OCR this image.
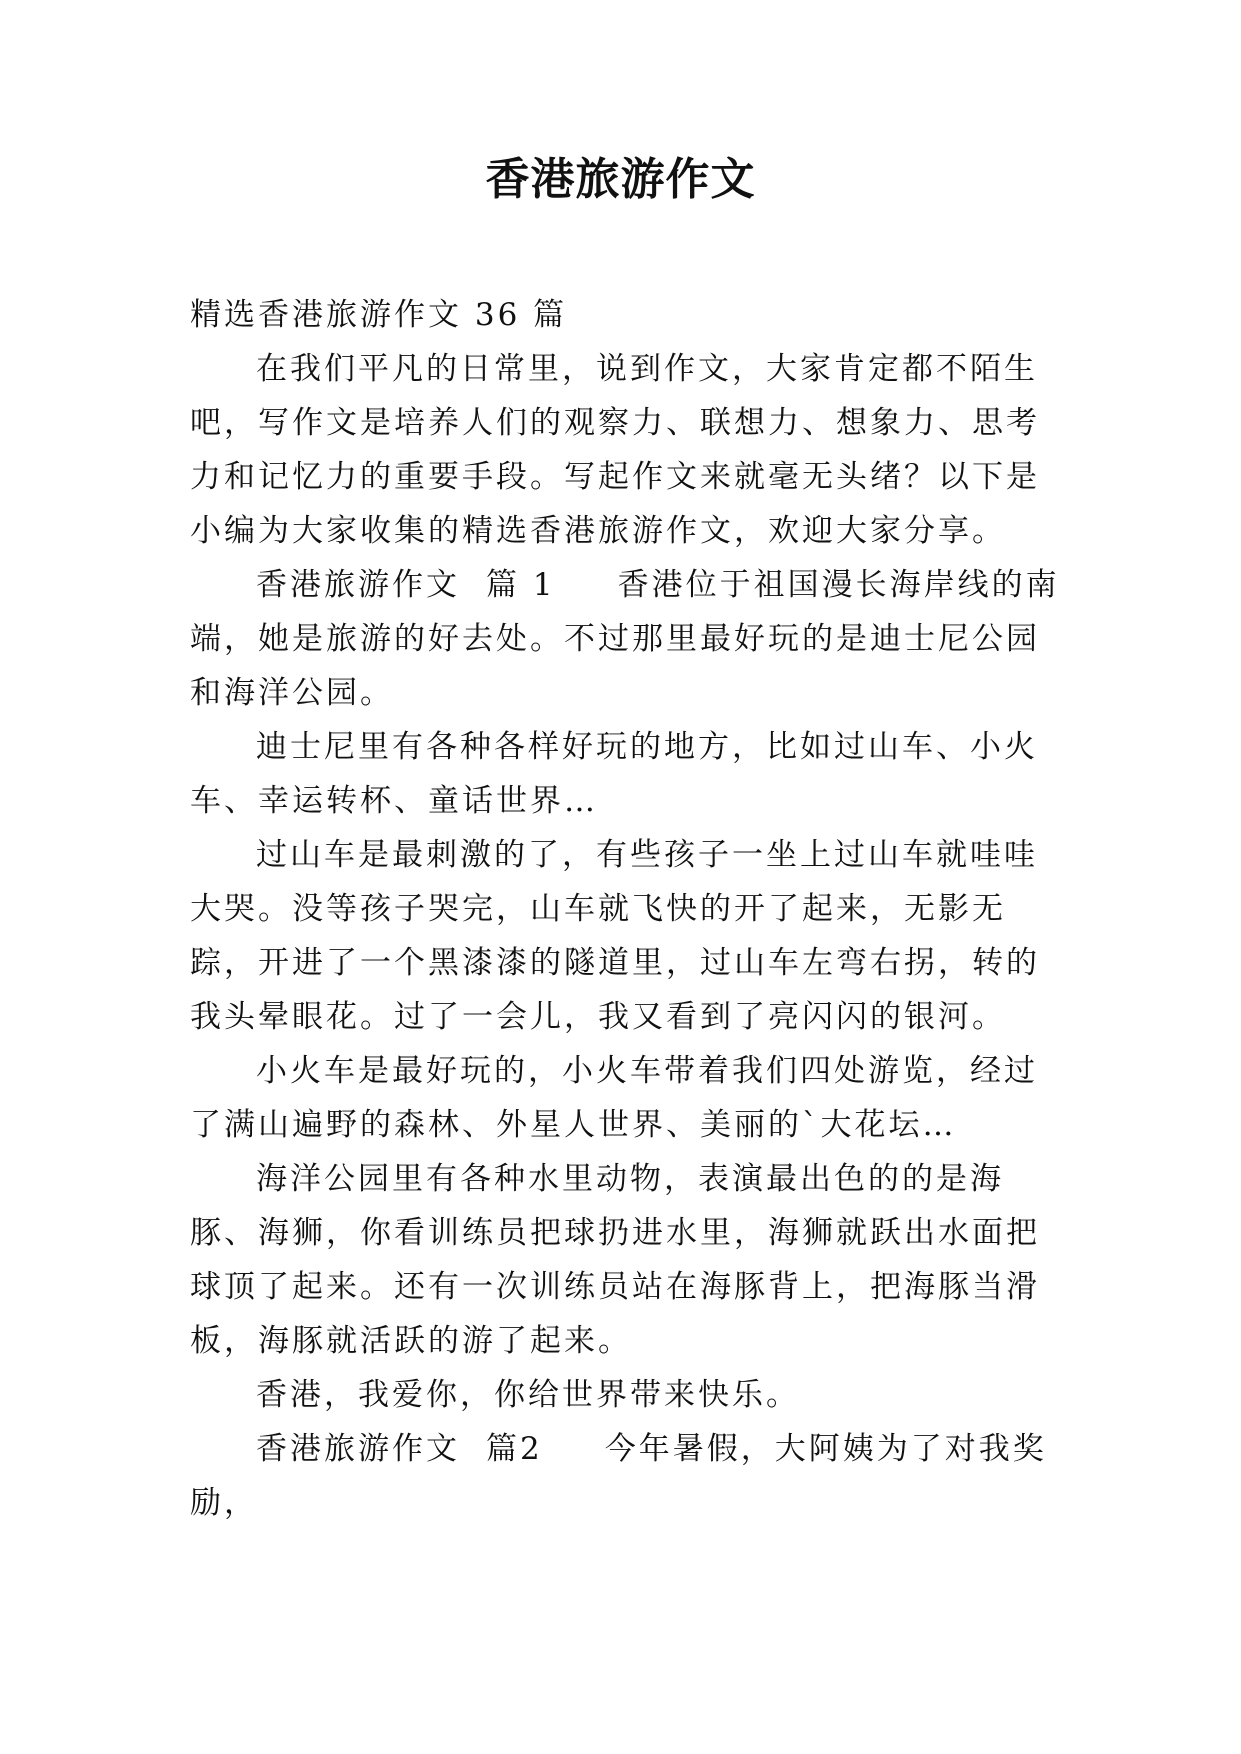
香港旅游作文

精选香港旅游作文 36 篇

在我们平凡的日常里，说到作文，大家肯定都不陌生吧，写作文是培养人们的观察力、联想力、想象力、思考力和记忆力的重要手段。写起作文来就毫无头绪？以下是小编为大家收集的精选香港旅游作文，欢迎大家分享。

香港旅游作文 篇 1 香港位于祖国漫长海岸线的南端，她是旅游的好去处。不过那里最好玩的是迪士尼公园和海洋公园。

迪士尼里有各种各样好玩的地方，比如过山车、小火车、幸运转杯、童话世界…

过山车是最刺激的了，有些孩子一坐上过山车就哇哇大哭。没等孩子哭完，山车就飞快的开了起来，无影无踪，开进了一个黑漆漆的隧道里，过山车左弯右拐，转的我头晕眼花。过了一会儿，我又看到了亮闪闪的银河。

小火车是最好玩的，小火车带着我们四处游览，经过了满山遍野的森林、外星人世界、美丽的`大花坛…

海洋公园里有各种水里动物，表演最出色的的是海豚、海狮，你看训练员把球扔进水里，海狮就跃出水面把球顶了起来。还有一次训练员站在海豚背上，把海豚当滑板，海豚就活跃的游了起来。

香港，我爱你，你给世界带来快乐。

香港旅游作文 篇2 今年暑假，大阿姨为了对我奖励，
